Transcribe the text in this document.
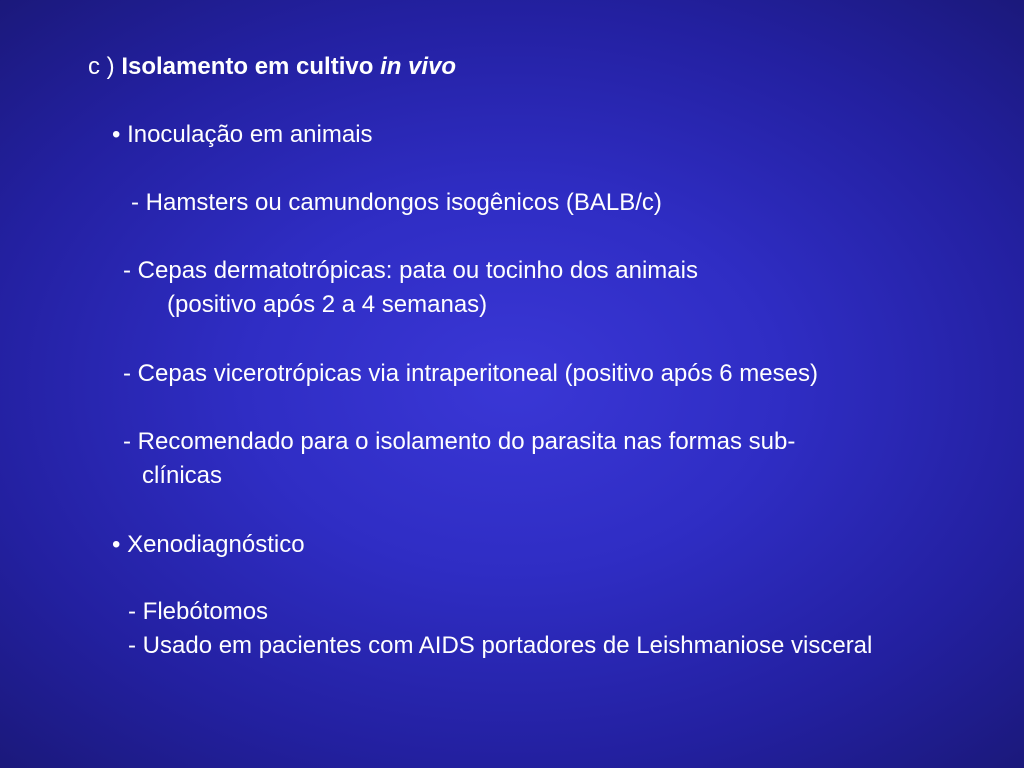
c ) Isolamento em cultivo in vivo
• Inoculação em animais
- Hamsters ou camundongos isogênicos (BALB/c)
- Cepas dermatotrópicas: pata ou tocinho dos animais
(positivo após 2 a 4 semanas)
- Cepas vicerotrópicas via intraperitoneal (positivo após 6 meses)
- Recomendado para o isolamento do parasita nas formas sub-
clínicas
• Xenodiagnóstico
- Flebótomos
- Usado em pacientes com AIDS portadores de Leishmaniose visceral
